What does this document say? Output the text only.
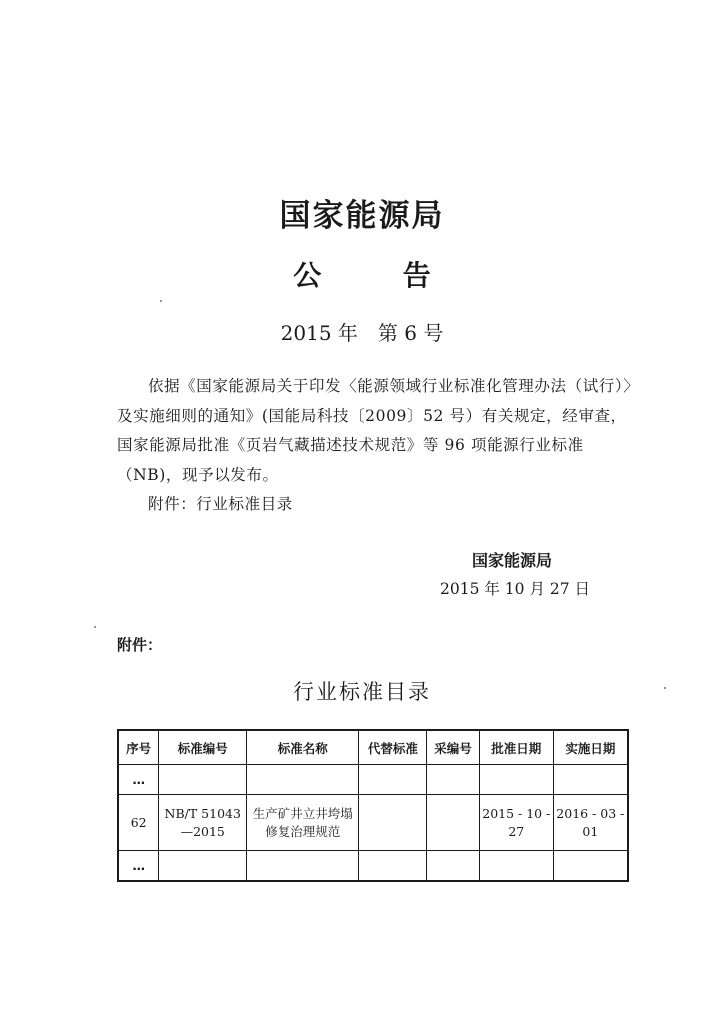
国家能源局
公	告
2015 年　第 6 号

依据《国家能源局关于印发〈能源领域行业标准化管理办法（试行）〉及实施细则的通知》(国能局科技〔2009〕52 号）有关规定，经审查，国家能源局批准《页岩气藏描述技术规范》等 96 项能源行业标准（NB)，现予以发布。

附件：行业标准目录

国家能源局
2015 年 10 月 27 日
附件：
行业标准目录
序号	标准编号	标准名称	代替标准	采编号	批准日期	实施日期
…						
62	NB/T 51043—2015	生产矿井立井垮塌修复治理规范			2015 - 10 - 27	2016 - 03 - 01
…						
